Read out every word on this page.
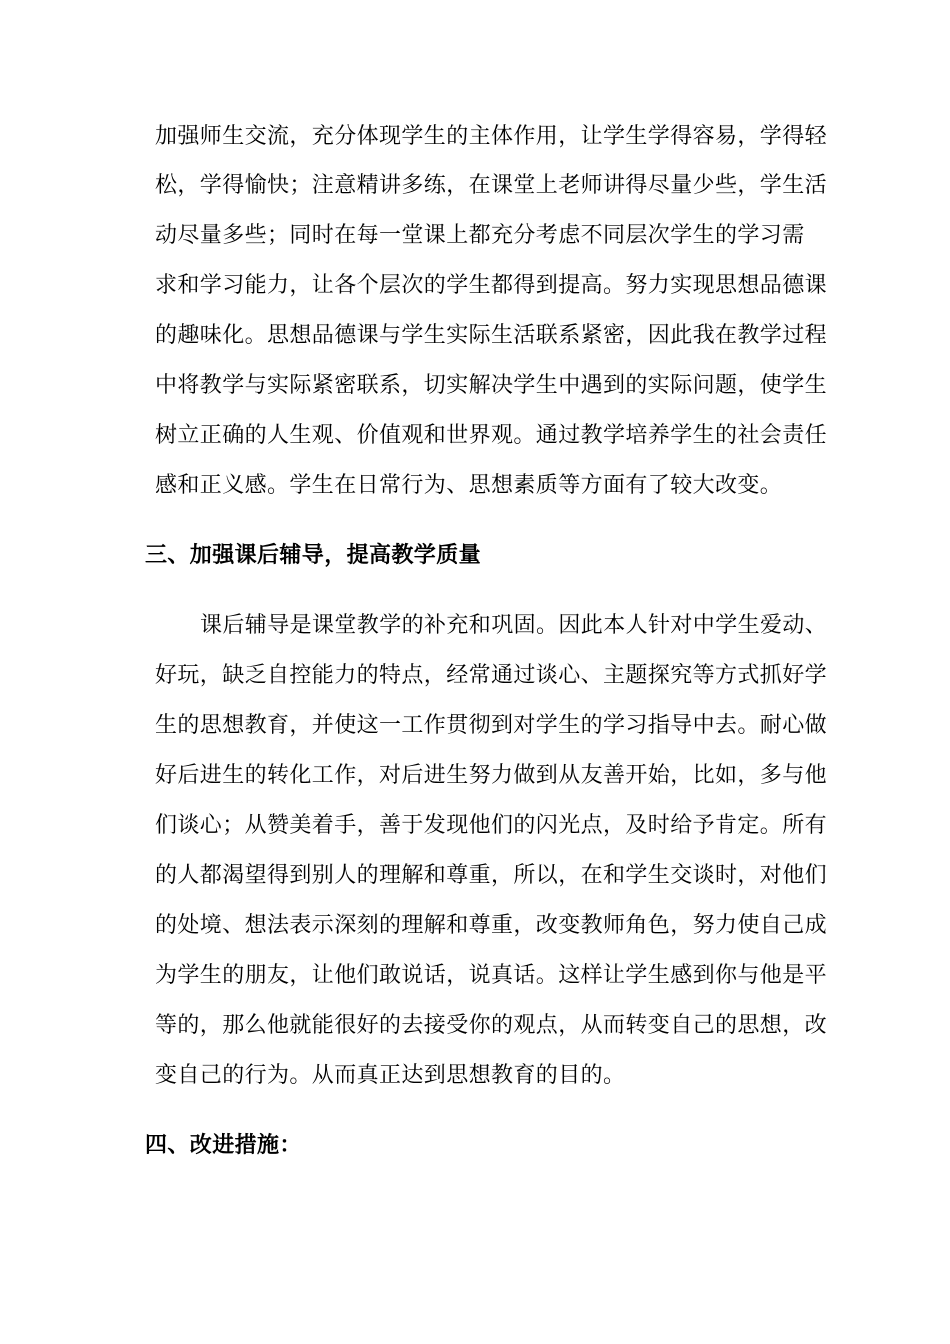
加强师生交流，充分体现学生的主体作用，让学生学得容易，学得轻
松，学得愉快；注意精讲多练，在课堂上老师讲得尽量少些，学生活
动尽量多些；同时在每一堂课上都充分考虑不同层次学生的学习需
求和学习能力，让各个层次的学生都得到提高。努力实现思想品德课
的趣味化。思想品德课与学生实际生活联系紧密，因此我在教学过程
中将教学与实际紧密联系，切实解决学生中遇到的实际问题，使学生
树立正确的人生观、价值观和世界观。通过教学培养学生的社会责任
感和正义感。学生在日常行为、思想素质等方面有了较大改变。
三、加强课后辅导，提高教学质量
课后辅导是课堂教学的补充和巩固。因此本人针对中学生爱动、
好玩，缺乏自控能力的特点，经常通过谈心、主题探究等方式抓好学
生的思想教育，并使这一工作贯彻到对学生的学习指导中去。耐心做
好后进生的转化工作，对后进生努力做到从友善开始，比如，多与他
们谈心；从赞美着手，善于发现他们的闪光点，及时给予肯定。所有
的人都渴望得到别人的理解和尊重，所以，在和学生交谈时，对他们
的处境、想法表示深刻的理解和尊重，改变教师角色，努力使自己成
为学生的朋友，让他们敢说话，说真话。这样让学生感到你与他是平
等的，那么他就能很好的去接受你的观点，从而转变自己的思想，改
变自己的行为。从而真正达到思想教育的目的。
四、改进措施：
